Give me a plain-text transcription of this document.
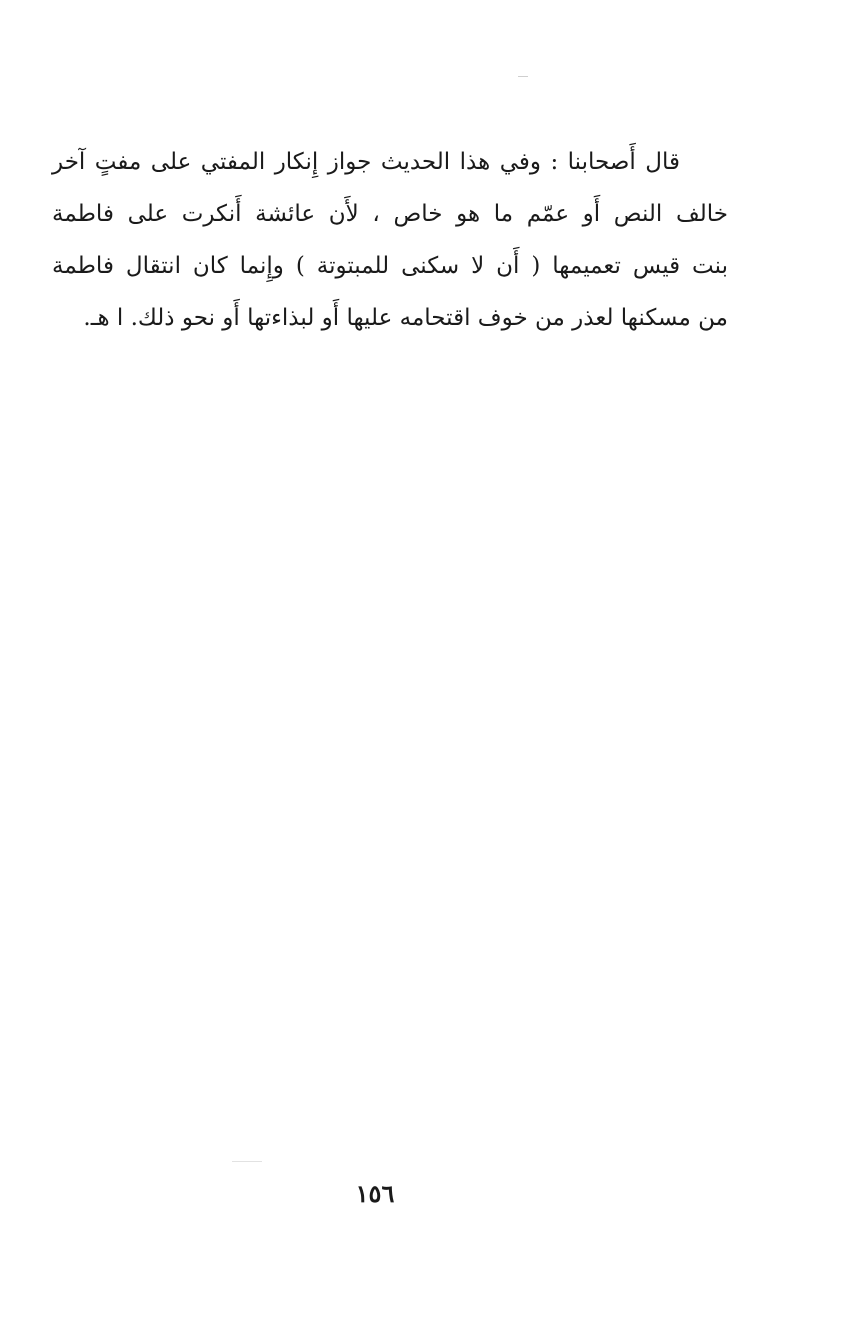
قال أَصحابنا : وفي هذا الحديث جواز إِنكار المفتي على مفتٍ آخر
خالف النص أَو عمّم ما هو خاص ، لأَن عائشة أَنكرت على فاطمة
بنت قيس تعميمها ( أَن لا سكنى للمبتوتة ) وإِنما كان انتقال فاطمة
من مسكنها لعذر من خوف اقتحامه عليها أَو لبذاءتها أَو نحو ذلك. ا هـ.
١٥٦
